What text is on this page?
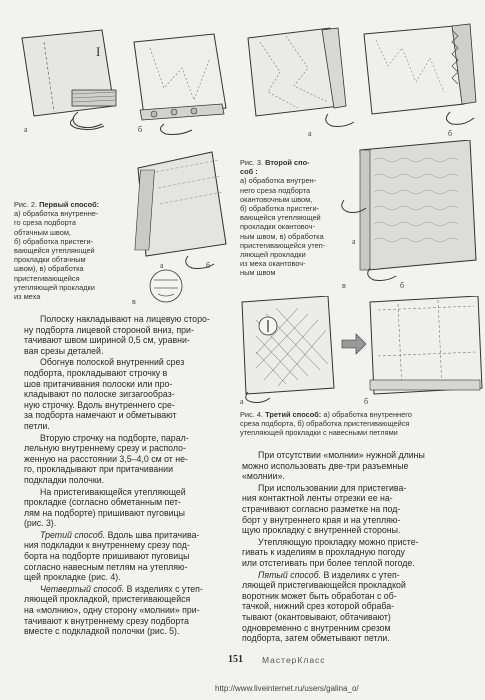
I
а	б	а	б
Рис. 2. Первый способ:
а) обработка внутренне-
го среза подборта
обтачным швом,
б) обработка пристеги-
вающейся утепляющей
прокладки обтачным
швом), в) обработка
пристегивающейся
утепляющей прокладки
из меха
а	б
в
Рис. 3. Второй спо-
соб :
а) обработка внутрен-
него среза подборта
окантовочным швом,
б) обработка пристеги-
вающейся утепляющей
прокладки окантовоч-
ным швом, в) обработка
пристегивающейся утеп-
ляющей прокладки
из меха окантовоч-
ным швом
а
б
в
а	б
Рис. 4. Третий способ: а) обработка внутреннего
среза подборта, б) обработка пристегивающейся
утепляющей прокладки с навесными петлями

Полоску накладывают на лицевую сторо-
ну подборта лицевой стороной вниз, при-
тачивают швом шириной 0,5 см, уравни-
вая срезы деталей.

Обогнув полоской внутренний срез
подборта, прокладывают строчку в
шов притачивания полоски или про-
кладывают по полоске зигзагообраз-
ную строчку. Вдоль внутреннего сре-
за подборта намечают и обметывают
петли.

Вторую строчку на подборте, парал-
лельную внутреннему срезу и располо-
женную на расстоянии 3,5–4,0 см от не-
го, прокладывают при притачивании
подкладки полочки.

На пристегивающейся утепляющей
прокладке (согласно обметанным пет-
лям на подборте) пришивают пуговицы
(рис. 3).

Третий способ. Вдоль шва притачива-
ния подкладки к внутреннему срезу под-
борта на подборте пришивают пуговицы
согласно навесным петлям на утепляю-
щей прокладке (рис. 4).

Четвертый способ. В изделиях с утеп-
ляющей прокладкой, пристегивающейся
на «молнию», одну сторону «молнии» при-
тачивают к внутреннему срезу подборта
вместе с подкладкой полочки (рис. 5).

При отсутствии «молнии» нужной длины
можно использовать две-три разъемные
«молнии».

При использовании для пристегива-
ния контактной ленты отрезки ее на-
страчивают согласно разметке на под-
борт у внутреннего края и на утепляю-
щую прокладку с внутренней стороны.

Утепляющую прокладку можно присте-
гивать к изделиям в прохладную погоду
или отстегивать при более теплой погоде.

Пятый способ. В изделиях с утеп-
ляющей пристегивающейся прокладкой
воротник может быть обработан с об-
тачкой, нижний срез которой обраба-
тывают (окантовывают, обтачивают)
одновременно с внутренним срезом
подборта, затем обметывают петли.

151 МастерКласс
http://www.liveinternet.ru/users/galina_o/
